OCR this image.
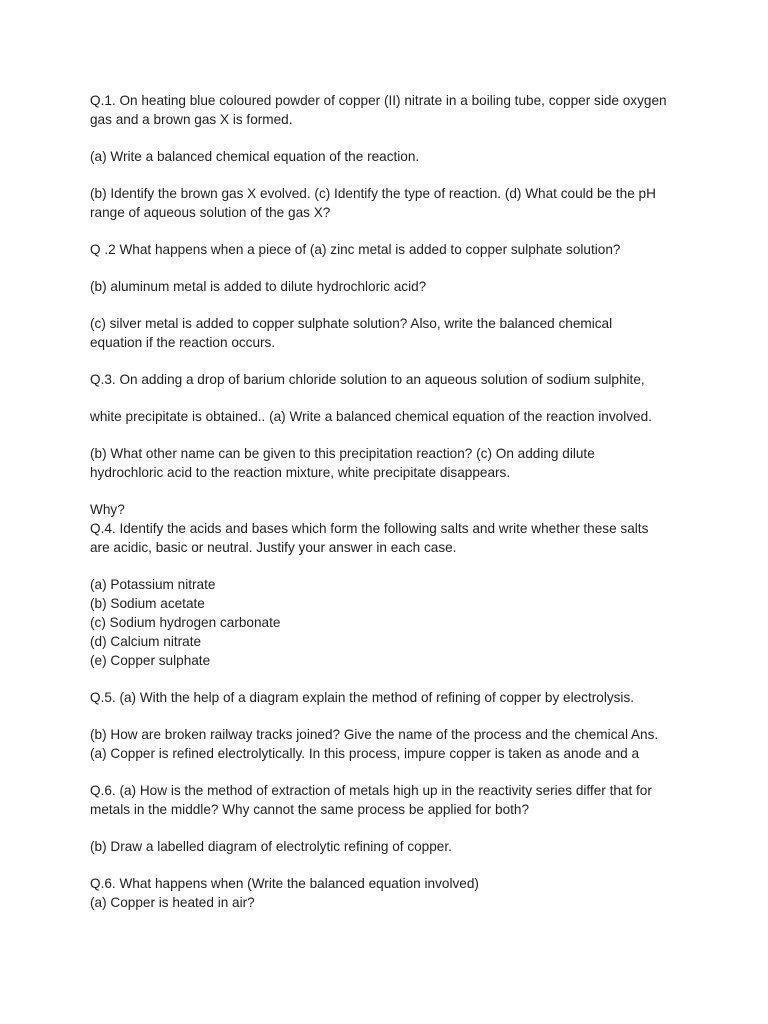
Q.1. On heating blue coloured powder of copper (II) nitrate in a boiling tube, copper side oxygen
gas and a brown gas X is formed.
(a) Write a balanced chemical equation of the reaction.
(b) Identify the brown gas X evolved. (c) Identify the type of reaction. (d) What could be the pH
range of aqueous solution of the gas X?
Q .2 What happens when a piece of (a) zinc metal is added to copper sulphate solution?
(b) aluminum metal is added to dilute hydrochloric acid?
(c) silver metal is added to copper sulphate solution? Also, write the balanced chemical
equation if the reaction occurs.
Q.3. On adding a drop of barium chloride solution to an aqueous solution of sodium sulphite,
white precipitate is obtained.. (a) Write a balanced chemical equation of the reaction involved.
(b) What other name can be given to this precipitation reaction? (c) On adding dilute
hydrochloric acid to the reaction mixture, white precipitate disappears.
Why?
Q.4. Identify the acids and bases which form the following salts and write whether these salts
are acidic, basic or neutral. Justify your answer in each case.
(a) Potassium nitrate
(b) Sodium acetate
(c) Sodium hydrogen carbonate
(d) Calcium nitrate
(e) Copper sulphate
Q.5. (a) With the help of a diagram explain the method of refining of copper by electrolysis.
(b) How are broken railway tracks joined? Give the name of the process and the chemical Ans.
(a) Copper is refined electrolytically. In this process, impure copper is taken as anode and a
Q.6. (a) How is the method of extraction of metals high up in the reactivity series differ that for
metals in the middle? Why cannot the same process be applied for both?
(b) Draw a labelled diagram of electrolytic refining of copper.
Q.6. What happens when (Write the balanced equation involved)
(a) Copper is heated in air?
